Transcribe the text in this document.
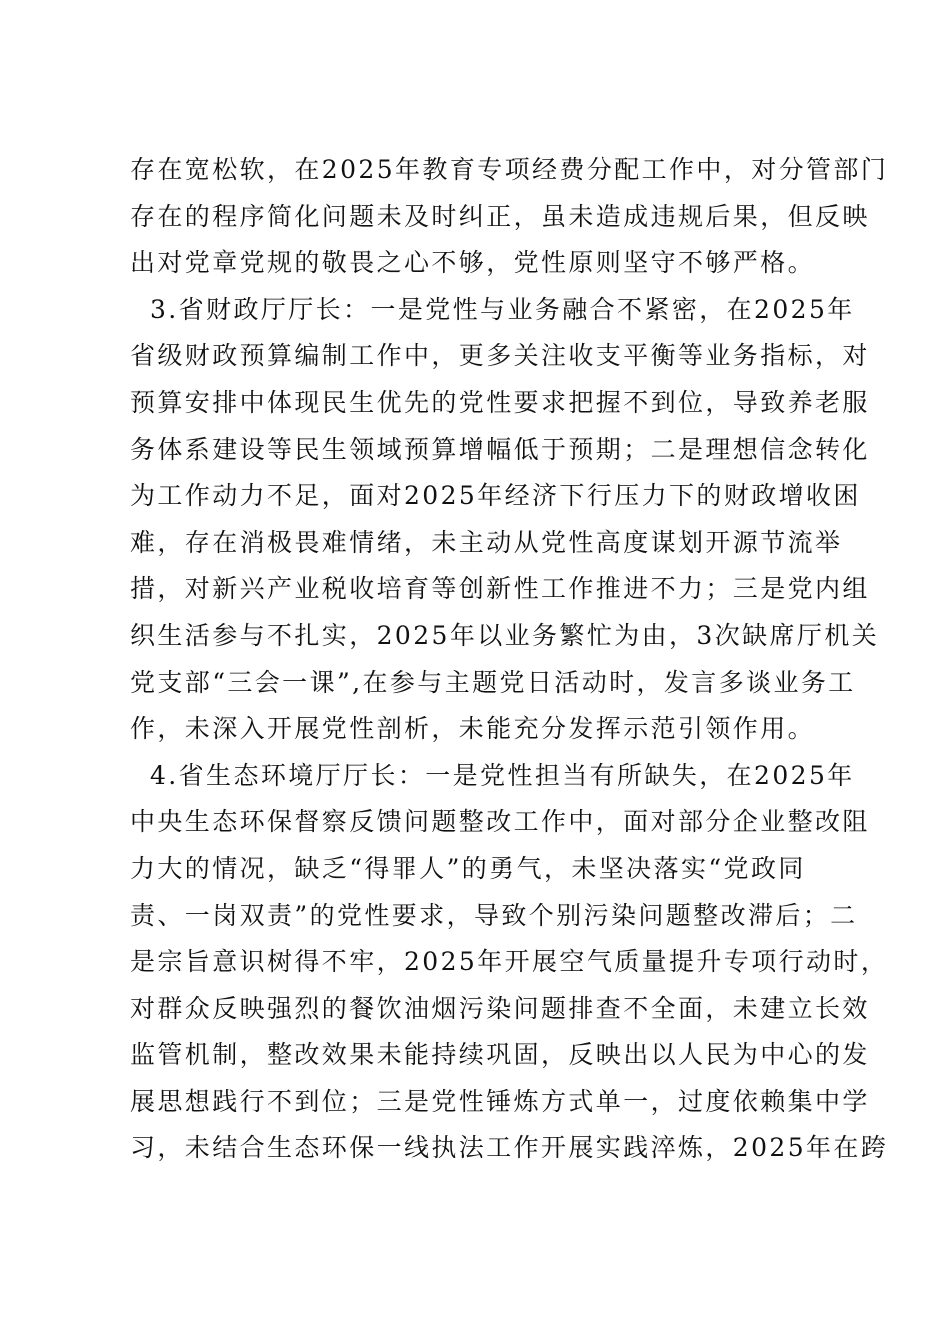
存在宽松软，在2025年教育专项经费分配工作中，对分管部门
存在的程序简化问题未及时纠正，虽未造成违规后果，但反映
出对党章党规的敬畏之心不够，党性原则坚守不够严格。
3.省财政厅厅长：一是党性与业务融合不紧密，在2025年
省级财政预算编制工作中，更多关注收支平衡等业务指标，对
预算安排中体现民生优先的党性要求把握不到位，导致养老服
务体系建设等民生领域预算增幅低于预期；二是理想信念转化
为工作动力不足，面对2025年经济下行压力下的财政增收困
难，存在消极畏难情绪，未主动从党性高度谋划开源节流举
措，对新兴产业税收培育等创新性工作推进不力；三是党内组
织生活参与不扎实，2025年以业务繁忙为由，3次缺席厅机关
党支部“三会一课”,在参与主题党日活动时，发言多谈业务工
作，未深入开展党性剖析，未能充分发挥示范引领作用。
4.省生态环境厅厅长：一是党性担当有所缺失，在2025年
中央生态环保督察反馈问题整改工作中，面对部分企业整改阻
力大的情况，缺乏“得罪人”的勇气，未坚决落实“党政同
责、一岗双责”的党性要求，导致个别污染问题整改滞后；二
是宗旨意识树得不牢，2025年开展空气质量提升专项行动时，
对群众反映强烈的餐饮油烟污染问题排查不全面，未建立长效
监管机制，整改效果未能持续巩固，反映出以人民为中心的发
展思想践行不到位；三是党性锤炼方式单一，过度依赖集中学
习，未结合生态环保一线执法工作开展实践淬炼，2025年在跨
